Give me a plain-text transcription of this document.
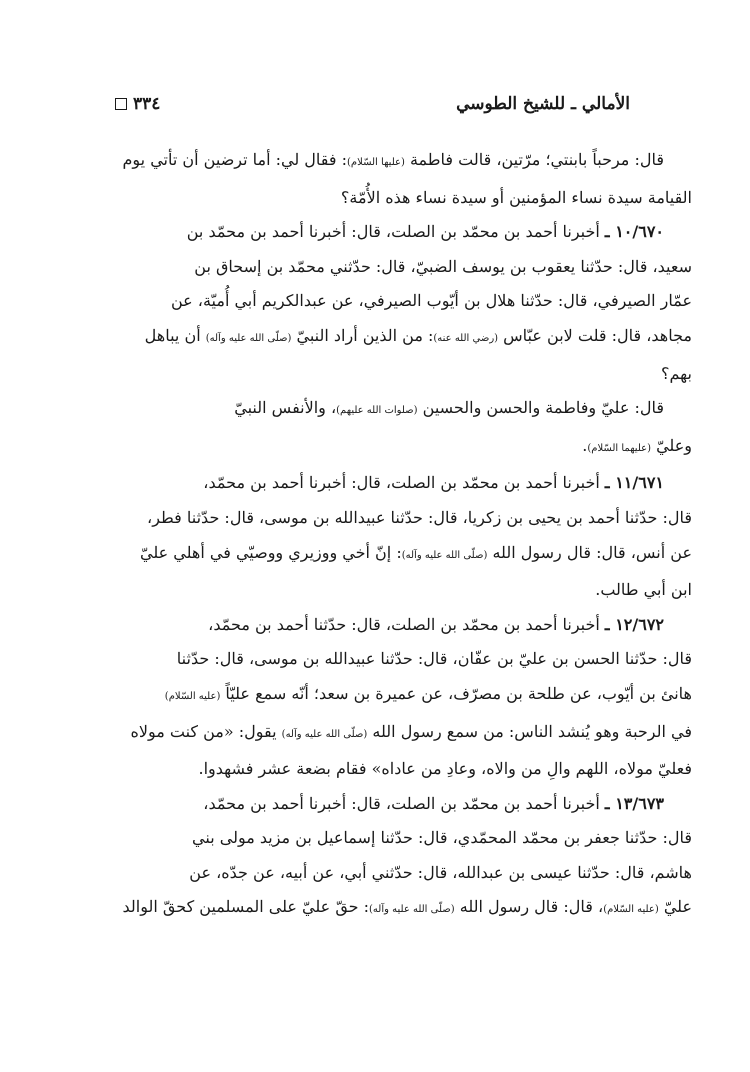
٣٣٤	الأمالي ـ للشيخ الطوسي

قال: مرحباً بابنتي؛ مرّتين، قالت فاطمة (عليها السّلام): فقال لي: أما ترضين أن تأتي يوم

القيامة سيدة نساء المؤمنين أو سيدة نساء هذه الأُمّة؟

١٠/٦٧٠ ـ أخبرنا أحمد بن محمّد بن الصلت، قال: أخبرنا أحمد بن محمّد بن

سعيد، قال: حدّثنا يعقوب بن يوسف الضبيّ، قال: حدّثني محمّد بن إسحاق بن

عمّار الصيرفي، قال: حدّثنا هلال بن أيّوب الصيرفي، عن عبدالكريم أبي أُميّة، عن

مجاهد، قال: قلت لابن عبّاس (رضي الله عنه): من الذين أراد النبيّ (صلّى الله عليه وآله) أن يباهل

بهم؟

قال: عليّ وفاطمة والحسن والحسين (صلوات الله عليهم)، والأنفس النبيّ

وعليّ (عليهما السّلام).

١١/٦٧١ ـ أخبرنا أحمد بن محمّد بن الصلت، قال: أخبرنا أحمد بن محمّد،

قال: حدّثنا أحمد بن يحيى بن زكريا، قال: حدّثنا عبيدالله بن موسى، قال: حدّثنا فطر،

عن أنس، قال: قال رسول الله (صلّى الله عليه وآله): إنّ أخي ووزيري ووصيّي في أهلي عليّ

ابن أبي طالب.

١٢/٦٧٢ ـ أخبرنا أحمد بن محمّد بن الصلت، قال: حدّثنا أحمد بن محمّد،

قال: حدّثنا الحسن بن عليّ بن عفّان، قال: حدّثنا عبيدالله بن موسى، قال: حدّثنا

هانئ بن أيّوب، عن طلحة بن مصرّف، عن عميرة بن سعد؛ أنّه سمع عليّاً (عليه السّلام)

في الرحبة وهو يُنشد الناس: من سمع رسول الله (صلّى الله عليه وآله) يقول: «من كنت مولاه

فعليّ مولاه، اللهم والِ من والاه، وعادِ من عاداه» فقام بضعة عشر فشهدوا.

١٣/٦٧٣ ـ أخبرنا أحمد بن محمّد بن الصلت، قال: أخبرنا أحمد بن محمّد،

قال: حدّثنا جعفر بن محمّد المحمّدي، قال: حدّثنا إسماعيل بن مزيد مولى بني

هاشم، قال: حدّثنا عيسى بن عبدالله، قال: حدّثني أبي، عن أبيه، عن جدّه، عن

عليّ (عليه السّلام)، قال: قال رسول الله (صلّى الله عليه وآله): حقّ عليّ على المسلمين كحقّ الوالد
